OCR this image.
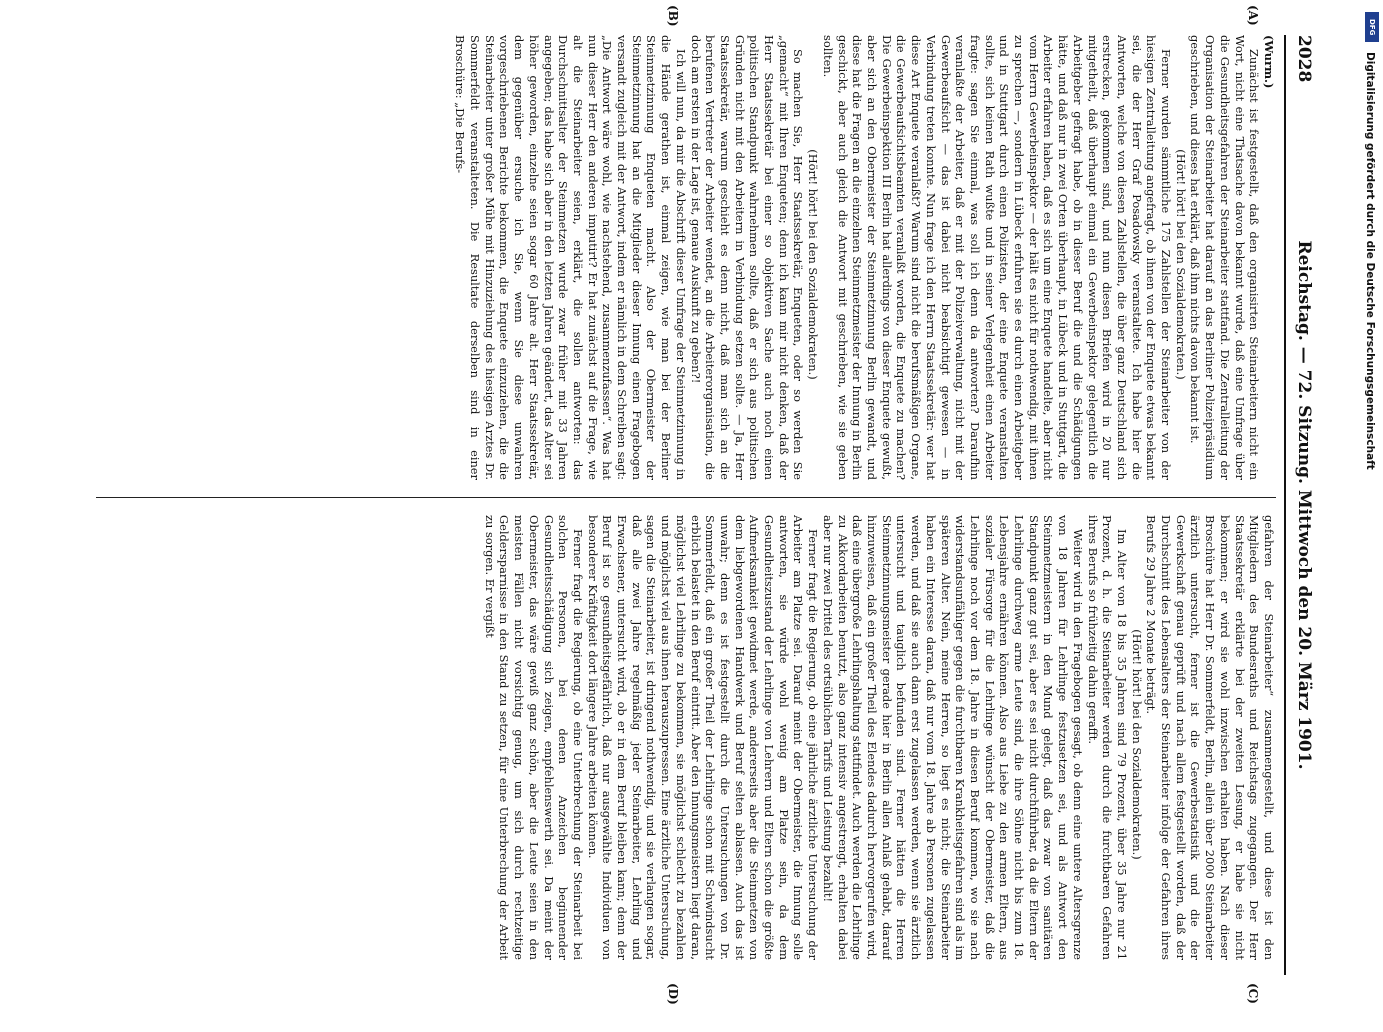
2028
Reichstag. — 72. Sitzung. Mittwoch den 20. März 1901.
(A)
(B)
(C)
(D)

(Wurm.)

Zunächst ist festgestellt, daß den organisirten Steinarbeitern nicht ein Wort, nicht eine Thatsache davon bekannt wurde, daß eine Umfrage über die Gesundheitsgefahren der Steinarbeiter stattfand. Die Zentralleitung der Organisation der Steinarbeiter hat darauf an das Berliner Polizeipräsidium geschrieben, und dieses hat erklärt, daß ihm nichts davon bekannt ist.

(Hört! hört! bei den Sozialdemokraten.)

Ferner wurden sämmtliche 175 Zahlstellen der Steinarbeiter von der hiesigen Zentralleitung angefragt, ob ihnen von der Enquete etwas bekannt sei, die der Herr Graf Posadowsky veranstaltete. Ich habe hier die Antworten, welche von diesen Zahlstellen, die über ganz Deutschland sich erstrecken, gekommen sind, und nun diesen Briefen wird in 20 nur mitgetheilt, daß überhaupt einmal ein Gewerbeinspektor gelegentlich die Arbeitgeber gefragt habe, ob in dieser Beruf die und die Schädigungen hätte, und daß nur in zwei Orten überhaupt, in Lübeck und in Stuttgart, die Arbeiter erfahren haben, daß es sich um eine Enquete handelte, aber nicht vom Herrn Gewerbeinspektor — der hält es nicht für nothwendig, mit ihnen zu sprechen —, sondern in Lübeck erfuhren sie es durch einen Arbeitgeber und in Stuttgart durch einen Polizisten, der eine Enquete veranstalten sollte, sich keinen Rath wußte und in seiner Verlegenheit einen Arbeiter fragte: sagen Sie einmal, was soll ich denn da antworten? Daraufhin veranlaßte der Arbeiter, daß er mit der Polizeiverwaltung, nicht mit der Gewerbeaufsicht — das ist dabei nicht beabsichtigt gewesen — in Verbindung treten konnte. Nun frage ich den Herrn Staatssekretär: wer hat diese Art Enquete veranlaßt? Warum sind nicht die berufsmäßigen Organe, die Gewerbeaufsichtsbeamten veranlaßt worden, die Enquete zu machen? Die Gewerbeinspektion III Berlin hat allerdings von dieser Enquete gewußt, aber sich an den Obermeister der Steinmetzinnung Berlin gewandt, und diese hat die Fragen an die einzelnen Steinmetzmeister der Innung in Berlin geschickt, aber auch gleich die Antwort mit geschrieben, wie sie geben sollten.

(Hört! hört! bei den Sozialdemokraten.)

So machen Sie, Herr Staatssekretär, Enqueten, oder so werden Sie „gemacht“ mit Ihren Enqueten; denn ich kann mir nicht denken, daß der Herr Staatssekretär bei einer so objektiven Sache auch noch einen politischen Standpunkt wahrnehmen sollte, daß er sich aus politischen Gründen nicht mit den Arbeitern in Verbindung setzen sollte. — Ja, Herr Staatssekretär, warum geschieht es denn nicht, daß man sich an die berufenen Vertreter der Arbeiter wendet, an die Arbeiterorganisation, die doch am ersten in der Lage ist, genaue Auskunft zu geben?!

Ich will nun, da mir die Abschrift dieser Umfrage der Steinmetzinnung in die Hände gerathen ist, einmal zeigen, wie man bei der Berliner Steinmetzinnung Enqueten macht. Also der Obermeister der Steinmetzinnung hat an die Mitglieder dieser Innung einen Fragebogen versandt zugleich mit der Antwort, indem er nämlich in dem Schreiben sagt: „Die Antwort wäre wohl, wie nachstehend, zusammenzufassen“. Was hat nun dieser Herr den anderen imputirt? Er hat zunächst auf die Frage, wie alt die Steinarbeiter seien, erklärt, die sollen antworten: das Durchschnittsalter der Steinmetzen wurde zwar früher mit 33 Jahren angegeben; das habe sich aber in den letzten Jahren geändert, das Alter sei höher geworden, einzelne seien sogar 60 Jahre alt. Herr Staatssekretär, dem gegenüber ersuche ich Sie, wenn Sie diese unwahren vorgeschriebenen Berichte bekommen, die Enquete einzuziehen, die die Steinarbeiter unter großer Mühe mit Hinzuziehung des hiesigen Arztes Dr. Sommerfeldt veranstalteten. Die Resultate derselben sind in einer Broschüre: „Die Berufs-

gefahren der Steinarbeiter“ zusammengestellt, und diese ist den Mitgliedern des Bundesraths und Reichstags zugegangen. Der Herr Staatssekretär erklärte bei der zweiten Lesung, er habe sie nicht bekommen; er wird sie wohl inzwischen erhalten haben. Nach dieser Broschüre hat Herr Dr. Sommerfeldt, Berlin, allein über 2000 Steinarbeiter ärztlich untersucht, ferner ist die Gewerbestatistik und die der Gewerkschaft genau geprüft und nach allem festgestellt worden, daß der Durchschnitt des Lebensalters der Steinarbeiter infolge der Gefahren ihres Berufs 29 Jahre 2 Monate beträgt.

(Hört! hört! bei den Sozialdemokraten.)

Im Alter von 18 bis 35 Jahren sind 79 Prozent, über 35 Jahre nur 21 Prozent, d. h. die Steinarbeiter werden durch die furchtbaren Gefahren ihres Berufs so frühzeitig dahin gerafft.

Weiter wird in den Fragebogen gesagt, ob denn eine untere Altersgrenze von 18 Jahren für Lehrlinge festzusetzen sei, und als Antwort den Steinmetzmeistern in den Mund gelegt, daß das zwar von sanitären Standpunkt ganz gut sei, aber es sei nicht durchführbar, da die Eltern der Lehrlinge durchweg arme Leute sind, die ihre Söhne nicht bis zum 18. Lebensjahre ernähren können. Also aus Liebe zu den armen Eltern, aus sozialer Fürsorge für die Lehrlinge wünscht der Obermeister, daß die Lehrlinge noch vor dem 18. Jahre in diesen Beruf kommen, wo sie nach widerstandsunfähiger gegen die furchtbaren Krankheitsgefahren sind als im späteren Alter. Nein, meine Herren, so liegt es nicht; die Steinarbeiter haben ein Interesse daran, daß nur vom 18. Jahre ab Personen zugelassen werden, und daß sie auch dann erst zugelassen werden, wenn sie ärztlich untersucht und tauglich befunden sind. Ferner hätten die Herren Steinmetzinnungsmeister gerade hier in Berlin allen Anlaß gehabt, darauf hinzuweisen, daß ein großer Theil des Elendes dadurch hervorgerufen wird, daß eine übergroße Lehrlingshaltung stattfindet. Auch werden die Lehrlinge zu Akkordarbeiten benutzt, also ganz intensiv angestrengt, erhalten dabei aber nur zwei Drittel des ortsüblichen Tarifs und Leistung bezahlt!

Ferner fragt die Regierung, ob eine jährliche ärztliche Untersuchung der Arbeiter am Platze sei. Darauf meint der Obermeister, die Innung solle antworten, sie würde wohl wenig am Platze sein, da dem Gesundheitszustand der Lehrlinge von Lehrern und Eltern schon die größte Aufmerksamkeit gewidmet werde, andererseits aber die Steinmetzen von dem liebgewordenen Handwerk und Beruf selten ablassen. Auch das ist unwahr; denn es ist festgestellt durch die Untersuchungen von Dr. Sommerfeldt, daß ein großer Theil der Lehrlinge schon mit Schwindsucht erblich belastet in den Beruf eintritt. Aber den Innungsmeistern liegt daran, möglichst viel Lehrlinge zu bekommen, sie möglichst schlecht zu bezahlen und möglichst viel aus ihnen herauszupressen. Eine ärztliche Untersuchung, sagen die Steinarbeiter, ist dringend nothwendig, und sie verlangen sogar, daß alle zwei Jahre regelmäßig jeder Steinarbeiter, Lehrling und Erwachsener, untersucht wird, ob er in dem Beruf bleiben kann; denn der Beruf ist so gesundheitsgefährlich, daß nur ausgewählte Individuen von besonderer Kräftigkeit dort längere Jahre arbeiten können.

Ferner fragt die Regierung, ob eine Unterbrechung der Steinarbeit bei solchen Personen, bei denen Anzeichen beginnender Gesundheitsschädigung sich zeigen, empfehlenswerth sei. Da meint der Obermeister, das wäre gewiß ganz schön, aber die Leute seien in den meisten Fällen nicht vorsichtig genug, um sich durch rechtzeitige Geldersparnisse in den Stand zu setzen, für eine Unterbrechung der Arbeit zu sorgen. Er vergißt

DFG
Digitalisierung gefördert durch die Deutsche Forschungsgemeinschaft
